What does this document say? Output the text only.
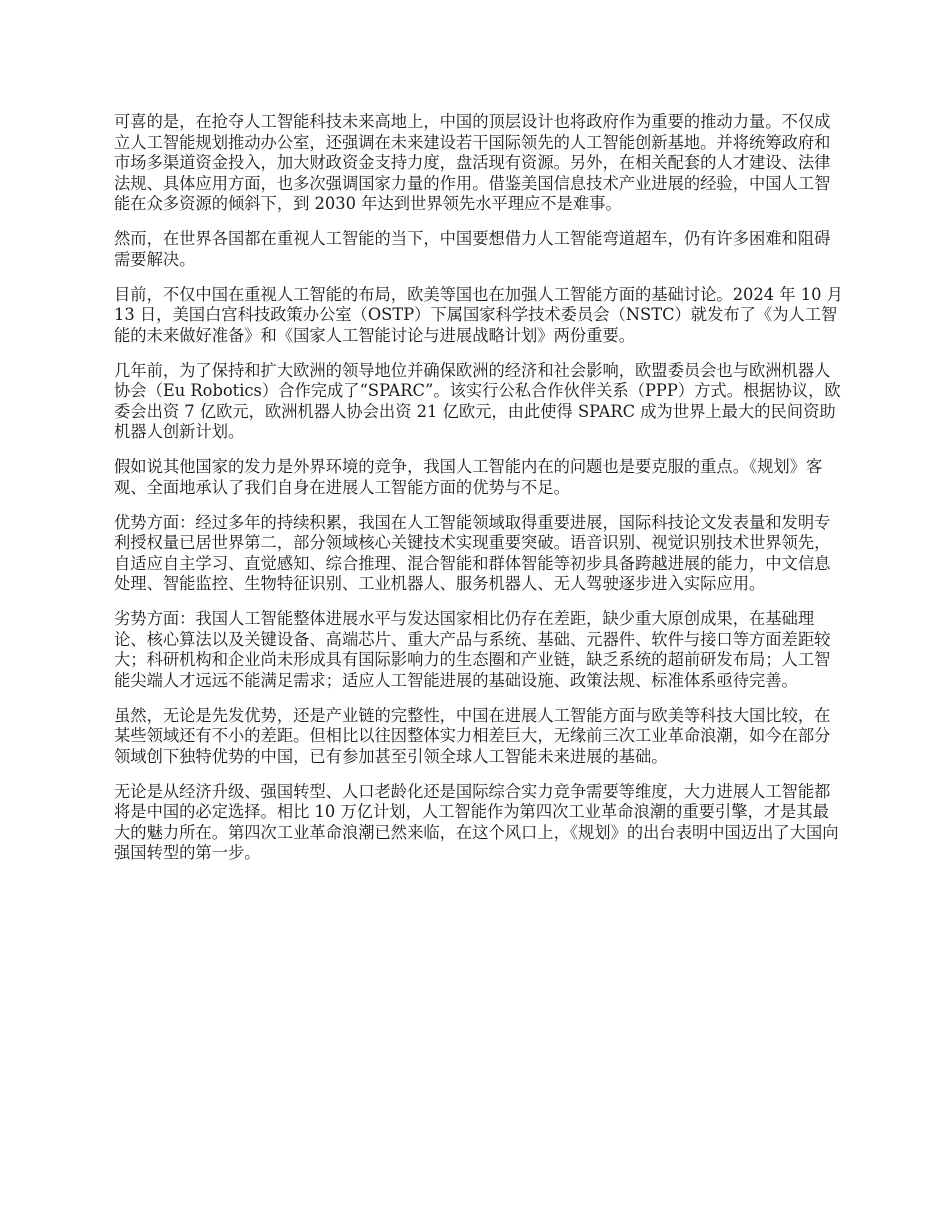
可喜的是，在抢夺人工智能科技未来高地上，中国的顶层设计也将政府作为重要的推动力量。不仅成立人工智能规划推动办公室，还强调在未来建设若干国际领先的人工智能创新基地。并将统筹政府和市场多渠道资金投入，加大财政资金支持力度，盘活现有资源。另外，在相关配套的人才建设、法律法规、具体应用方面，也多次强调国家力量的作用。借鉴美国信息技术产业进展的经验，中国人工智能在众多资源的倾斜下，到 2030 年达到世界领先水平理应不是难事。

然而，在世界各国都在重视人工智能的当下，中国要想借力人工智能弯道超车，仍有许多困难和阻碍需要解决。

目前，不仅中国在重视人工智能的布局，欧美等国也在加强人工智能方面的基础讨论。2024 年 10 月 13 日，美国白宫科技政策办公室（OSTP）下属国家科学技术委员会（NSTC）就发布了《为人工智能的未来做好准备》和《国家人工智能讨论与进展战略计划》两份重要。

几年前，为了保持和扩大欧洲的领导地位并确保欧洲的经济和社会影响，欧盟委员会也与欧洲机器人协会（Eu Robotics）合作完成了“SPARC”。该实行公私合作伙伴关系（PPP）方式。根据协议，欧委会出资 7 亿欧元，欧洲机器人协会出资 21 亿欧元，由此使得 SPARC 成为世界上最大的民间资助机器人创新计划。

假如说其他国家的发力是外界环境的竞争，我国人工智能内在的问题也是要克服的重点。《规划》客观、全面地承认了我们自身在进展人工智能方面的优势与不足。

优势方面：经过多年的持续积累，我国在人工智能领域取得重要进展，国际科技论文发表量和发明专利授权量已居世界第二，部分领域核心关键技术实现重要突破。语音识别、视觉识别技术世界领先，自适应自主学习、直觉感知、综合推理、混合智能和群体智能等初步具备跨越进展的能力，中文信息处理、智能监控、生物特征识别、工业机器人、服务机器人、无人驾驶逐步进入实际应用。

劣势方面：我国人工智能整体进展水平与发达国家相比仍存在差距，缺少重大原创成果，在基础理论、核心算法以及关键设备、高端芯片、重大产品与系统、基础、元器件、软件与接口等方面差距较大；科研机构和企业尚未形成具有国际影响力的生态圈和产业链，缺乏系统的超前研发布局；人工智能尖端人才远远不能满足需求；适应人工智能进展的基础设施、政策法规、标准体系亟待完善。

虽然，无论是先发优势，还是产业链的完整性，中国在进展人工智能方面与欧美等科技大国比较，在某些领域还有不小的差距。但相比以往因整体实力相差巨大，无缘前三次工业革命浪潮，如今在部分领域创下独特优势的中国，已有参加甚至引领全球人工智能未来进展的基础。

无论是从经济升级、强国转型、人口老龄化还是国际综合实力竞争需要等维度，大力进展人工智能都将是中国的必定选择。相比 10 万亿计划，人工智能作为第四次工业革命浪潮的重要引擎，才是其最大的魅力所在。第四次工业革命浪潮已然来临，在这个风口上，《规划》的出台表明中国迈出了大国向强国转型的第一步。
